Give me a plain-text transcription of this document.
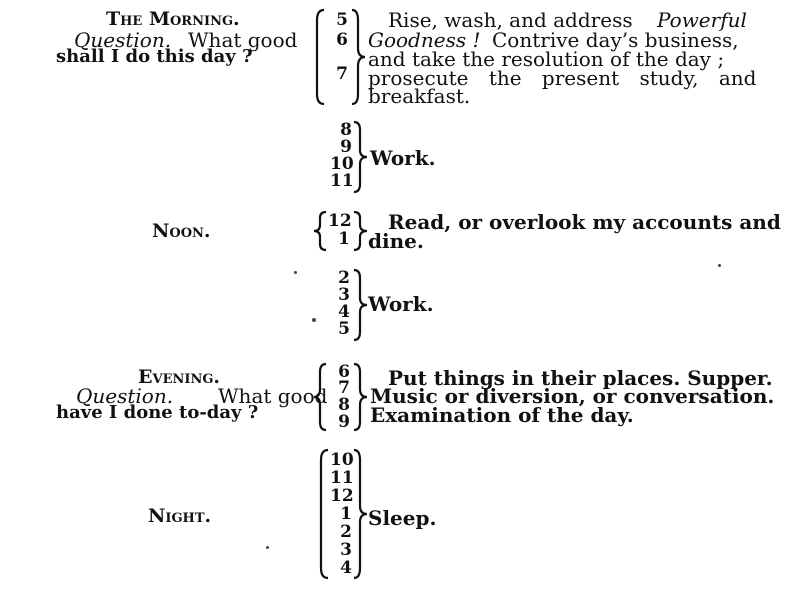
The Morning.
Question. What good
shall I do this day ?
5
6
7
Rise, wash, and address Powerful
Goodness ! Contrive day’s business,
and take the resolution of the day ;
prosecute the present study, and
breakfast.
8
9
10
11
Work.
Noon.	12
1
Read, or overlook my accounts and
dine.
2
3
4
5
Work.
Evening.
Question. What good
have I done to-day ?
6
7
8
9
Put things in their places. Supper.
Music or diversion, or conversation.
Examination of the day.
Night.
10
11
12
1
2
3
4
Sleep.
